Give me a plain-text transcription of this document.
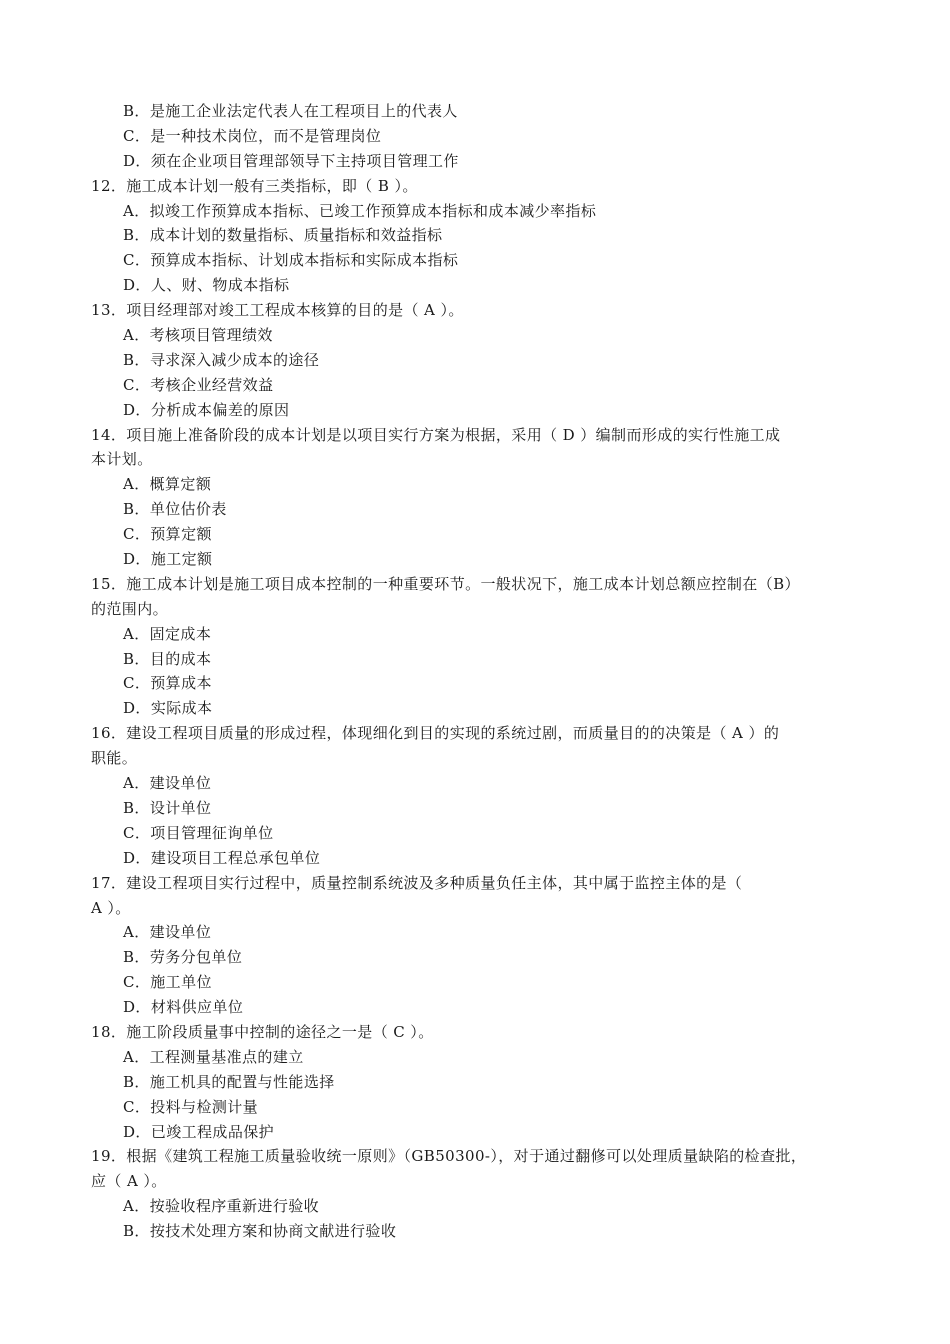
B．是施工企业法定代表人在工程项目上的代表人
C．是一种技术岗位，而不是管理岗位
D．须在企业项目管理部领导下主持项目管理工作
12．施工成本计划一般有三类指标，即（ B ）。
A．拟竣工作预算成本指标、已竣工作预算成本指标和成本减少率指标
B．成本计划的数量指标、质量指标和效益指标
C．预算成本指标、计划成本指标和实际成本指标
D．人、财、物成本指标
13．项目经理部对竣工工程成本核算的目的是（ A ）。
A．考核项目管理绩效
B．寻求深入减少成本的途径
C．考核企业经营效益
D．分析成本偏差的原因
14．项目施上准备阶段的成本计划是以项目实行方案为根据，采用（ D ）编制而形成的实行性施工成
本计划。
A．概算定额
B．单位估价表
C．预算定额
D．施工定额
15．施工成本计划是施工项目成本控制的一种重要环节。一般状况下，施工成本计划总额应控制在（B）
的范围内。
A．固定成本
B．目的成本
C．预算成本
D．实际成本
16．建设工程项目质量的形成过程，体现细化到目的实现的系统过剧，而质量目的的决策是（ A ）的
职能。
A．建设单位
B．设计单位
C．项目管理征询单位
D．建设项目工程总承包单位
17．建设工程项目实行过程中，质量控制系统波及多种质量负任主体，其中属于监控主体的是（
A ）。
A．建设单位
B．劳务分包单位
C．施工单位
D．材料供应单位
18．施工阶段质量事中控制的途径之一是（ C ）。
A．工程测量基准点的建立
B．施工机具的配置与性能选择
C．投料与检测计量
D．已竣工程成品保护
19．根据《建筑工程施工质量验收统一原则》（GB50300-），对于通过翻修可以处理质量缺陷的检查批，
应（ A ）。
A．按验收程序重新进行验收
B．按技术处理方案和协商文献进行验收
